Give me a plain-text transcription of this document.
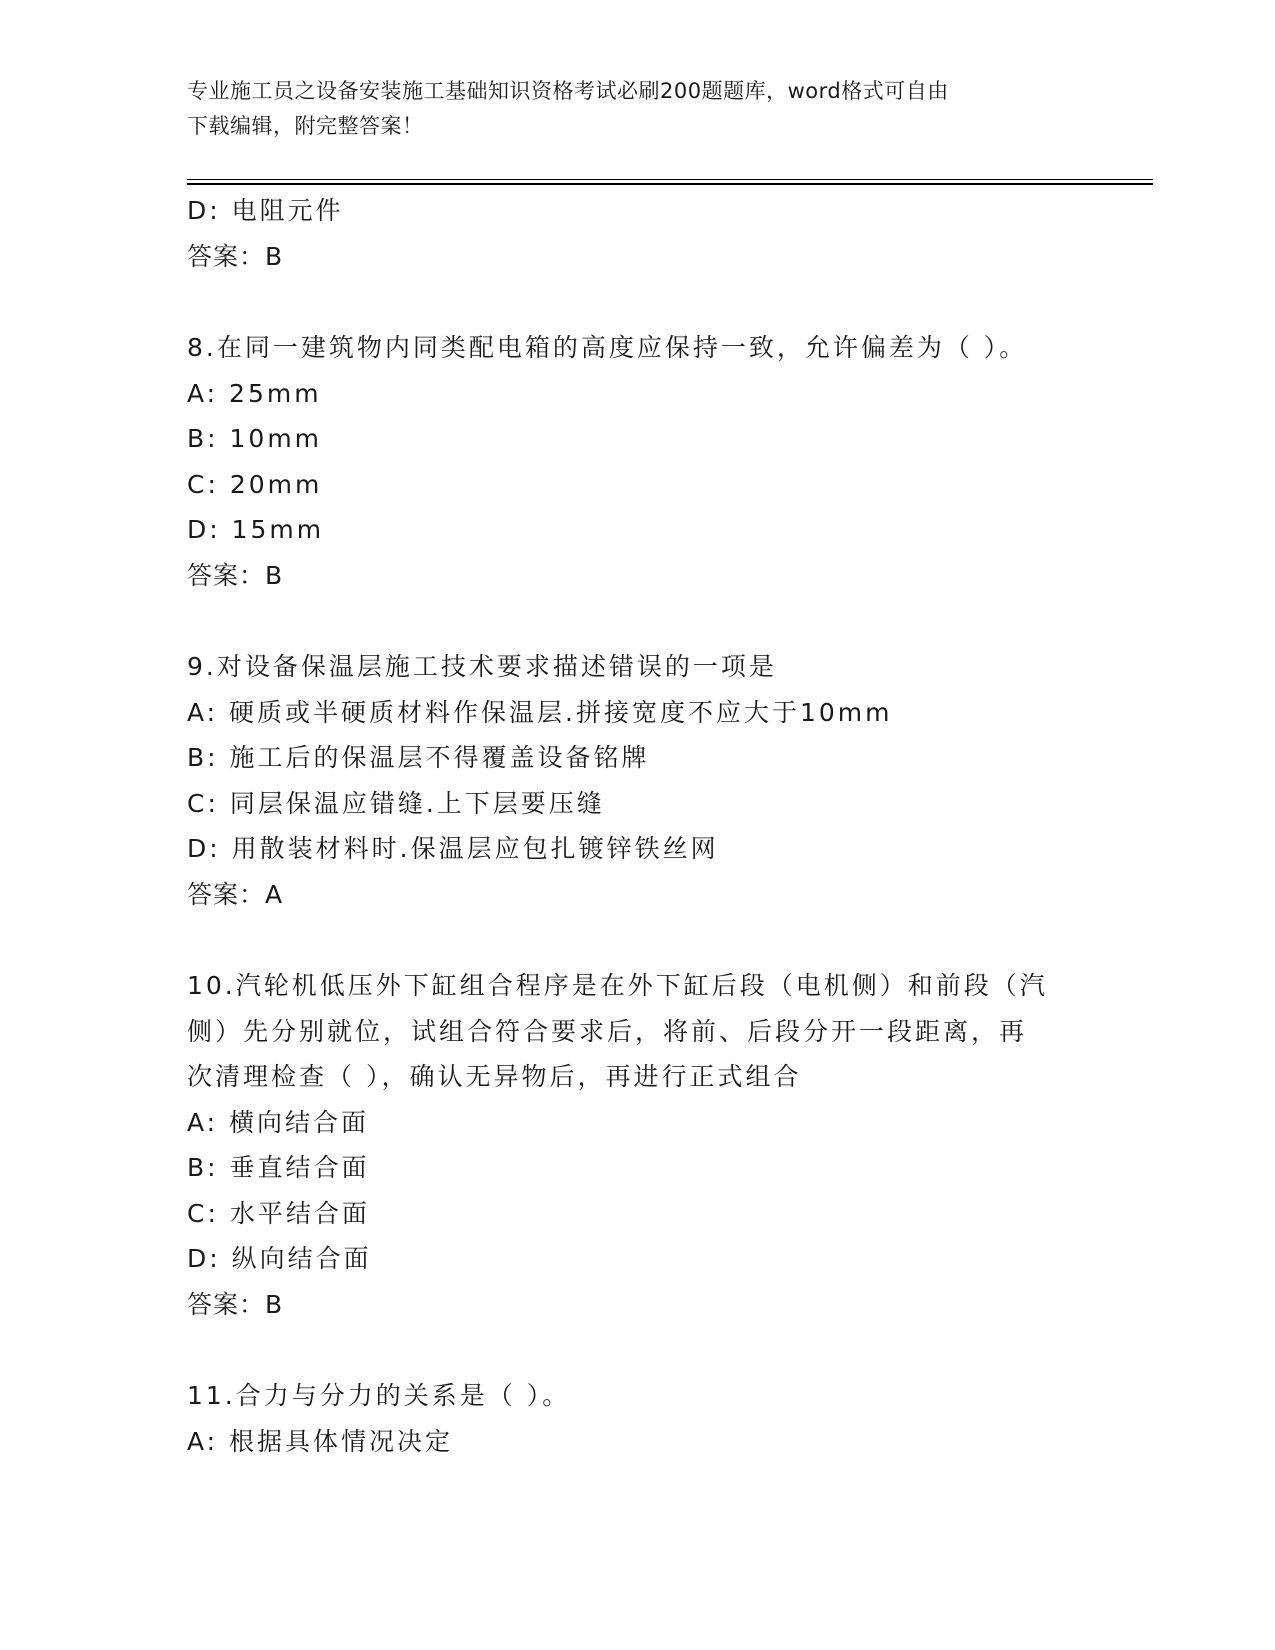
专业施工员之设备安装施工基础知识资格考试必刷200题题库，word格式可自由
下载编辑，附完整答案！
D: 电阻元件
答案：B
8.在同一建筑物内同类配电箱的高度应保持一致，允许偏差为（ ）。
A: 25mm
B: 10mm
C: 20mm
D: 15mm
答案：B
9.对设备保温层施工技术要求描述错误的一项是
A: 硬质或半硬质材料作保温层.拼接宽度不应大于10mm
B: 施工后的保温层不得覆盖设备铭牌
C: 同层保温应错缝.上下层要压缝
D: 用散装材料时.保温层应包扎镀锌铁丝网
答案：A
10.汽轮机低压外下缸组合程序是在外下缸后段（电机侧）和前段（汽
侧）先分别就位，试组合符合要求后，将前、后段分开一段距离，再
次清理检查（ ），确认无异物后，再进行正式组合
A: 横向结合面
B: 垂直结合面
C: 水平结合面
D: 纵向结合面
答案：B
11.合力与分力的关系是（ ）。
A: 根据具体情况决定
